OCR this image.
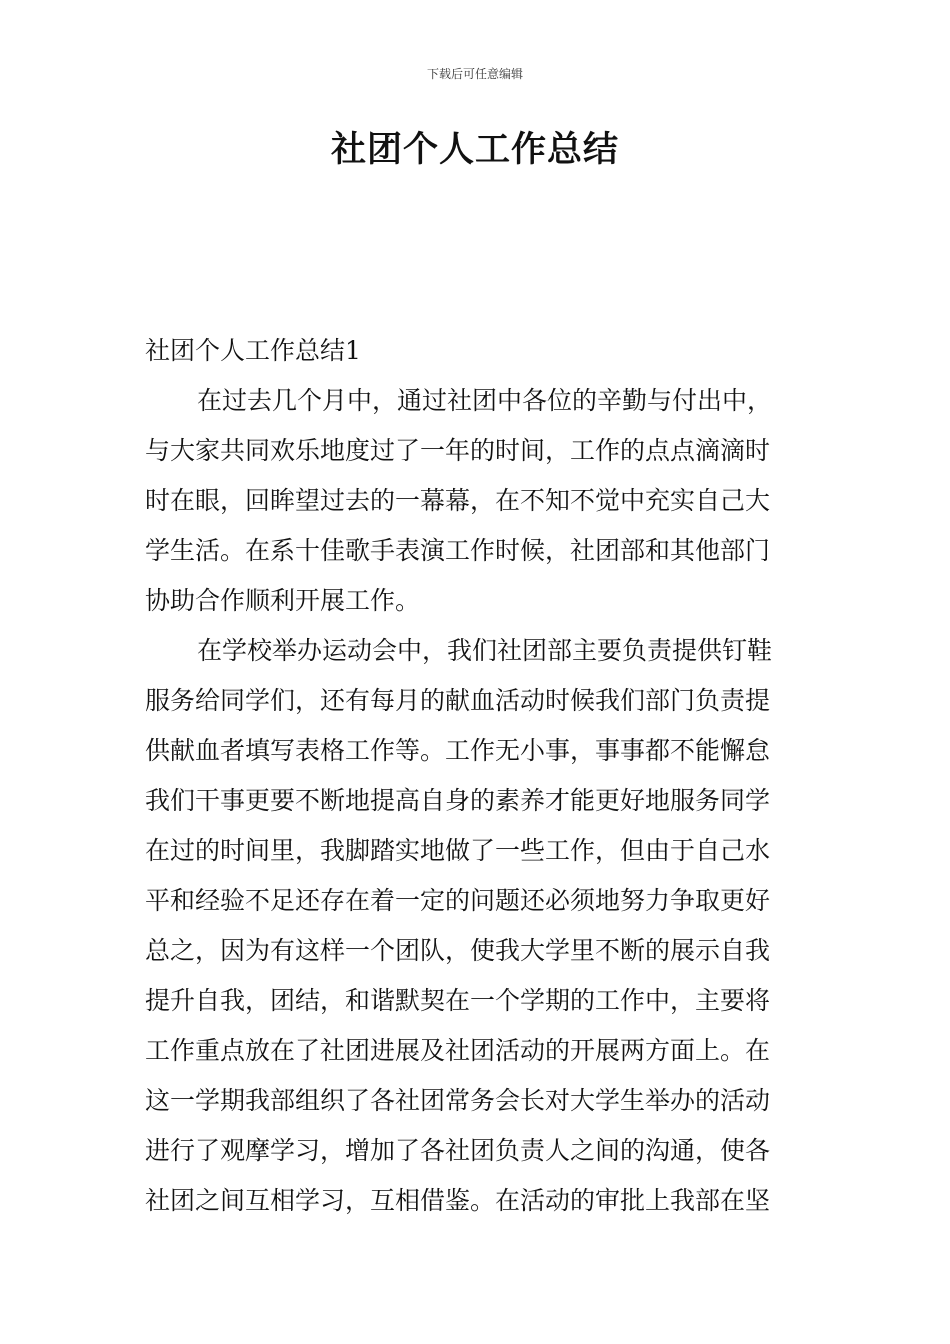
下载后可任意编辑
社团个人工作总结
社团个人工作总结1
在过去几个月中，通过社团中各位的辛勤与付出中，
与大家共同欢乐地度过了一年的时间，工作的点点滴滴时
时在眼，回眸望过去的一幕幕，在不知不觉中充实自己大
学生活。在系十佳歌手表演工作时候，社团部和其他部门
协助合作顺利开展工作。
在学校举办运动会中，我们社团部主要负责提供钉鞋
服务给同学们，还有每月的献血活动时候我们部门负责提
供献血者填写表格工作等。工作无小事，事事都不能懈怠
我们干事更要不断地提高自身的素养才能更好地服务同学
在过的时间里，我脚踏实地做了一些工作，但由于自己水
平和经验不足还存在着一定的问题还必须地努力争取更好
总之，因为有这样一个团队，使我大学里不断的展示自我
提升自我，团结，和谐默契在一个学期的工作中，主要将
工作重点放在了社团进展及社团活动的开展两方面上。在
这一学期我部组织了各社团常务会长对大学生举办的活动
进行了观摩学习，增加了各社团负责人之间的沟通，使各
社团之间互相学习，互相借鉴。在活动的审批上我部在坚
